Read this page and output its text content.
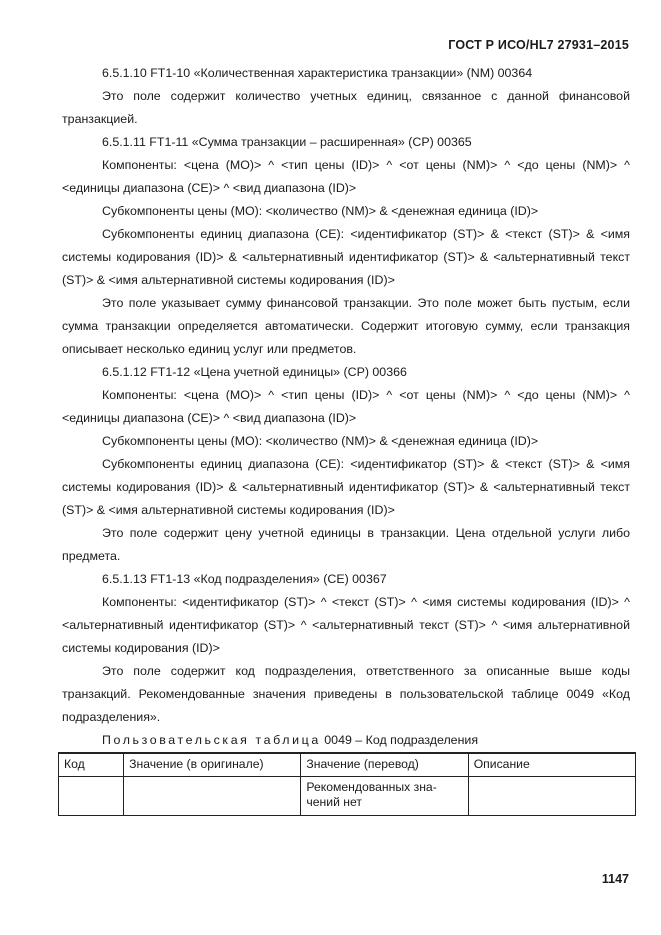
ГОСТ Р ИСО/HL7 27931–2015

6.5.1.10 FT1-10 «Количественная характеристика транзакции» (NM) 00364

Это поле содержит количество учетных единиц, связанное с данной финансовой транзакцией.

6.5.1.11 FT1-11 «Сумма транзакции – расширенная» (CP) 00365

Компоненты: <цена (MO)> ^ <тип цены (ID)> ^ <от цены (NM)> ^ <до цены (NM)> ^ <единицы диапазона (CE)> ^ <вид диапазона (ID)>

Субкомпоненты цены (MO): <количество (NM)> & <денежная единица (ID)>

Субкомпоненты единиц диапазона (CE): <идентификатор (ST)> & <текст (ST)> & <имя системы кодирования (ID)> & <альтернативный идентификатор (ST)> & <альтернативный текст (ST)> & <имя альтернативной системы кодирования (ID)>

Это поле указывает сумму финансовой транзакции. Это поле может быть пустым, если сумма транзакции определяется автоматически. Содержит итоговую сумму, если транзакция описывает несколько единиц услуг или предметов.

6.5.1.12 FT1-12 «Цена учетной единицы» (CP) 00366

Компоненты: <цена (MO)> ^ <тип цены (ID)> ^ <от цены (NM)> ^ <до цены (NM)> ^ <единицы диапазона (CE)> ^ <вид диапазона (ID)>

Субкомпоненты цены (MO): <количество (NM)> & <денежная единица (ID)>

Субкомпоненты единиц диапазона (CE): <идентификатор (ST)> & <текст (ST)> & <имя системы кодирования (ID)> & <альтернативный идентификатор (ST)> & <альтернативный текст (ST)> & <имя альтернативной системы кодирования (ID)>

Это поле содержит цену учетной единицы в транзакции. Цена отдельной услуги либо предмета.

6.5.1.13 FT1-13 «Код подразделения» (CE) 00367

Компоненты: <идентификатор (ST)> ^ <текст (ST)> ^ <имя системы кодирования (ID)> ^ <альтернативный идентификатор (ST)> ^ <альтернативный текст (ST)> ^ <имя альтернативной системы кодирования (ID)>

Это поле содержит код подразделения, ответственного за описанные выше коды транзакций. Рекомендованные значения приведены в пользовательской таблице 0049 «Код подразделения».

Пользовательская таблица 0049 – Код подразделения

Код	Значение (в оригинале)	Значение (перевод)	Описание
		Рекомендованных значений нет	
1147
